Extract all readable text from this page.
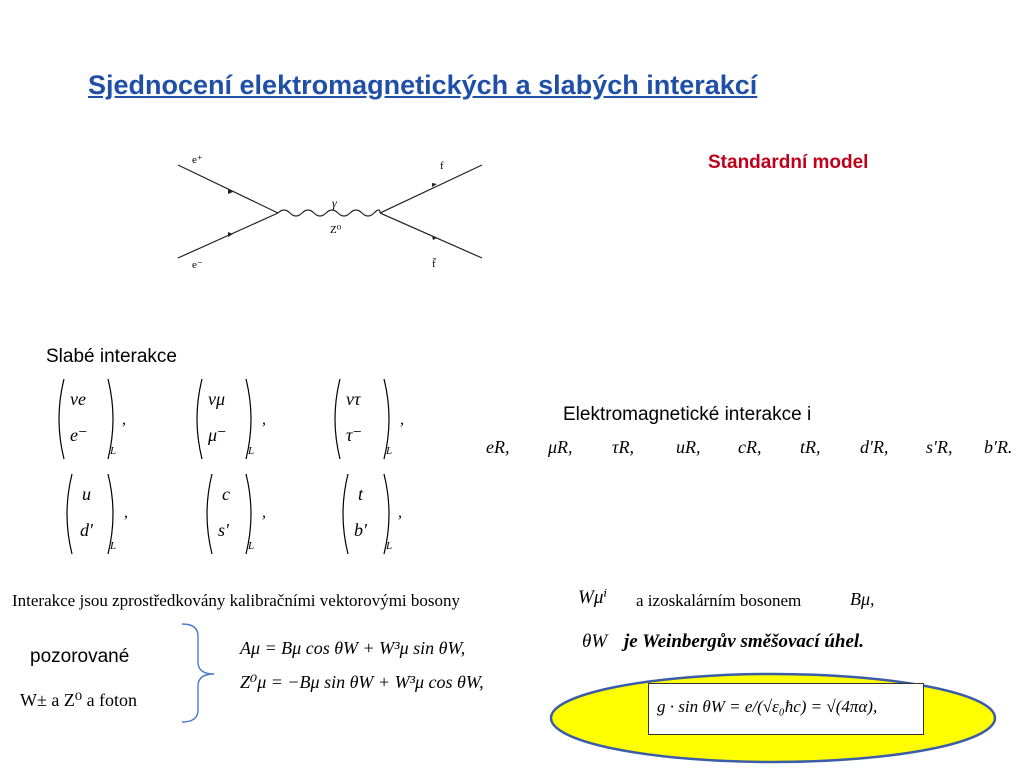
Sjednocení elektromagnetických a slabých interakcí
Standardní model
e⁺
e⁻
f
f̄
γ
Z⁰
Slabé interakce
νe
e⁻
L
,
νμ
μ⁻
L
,
ντ
τ⁻
L
,
u
d′
L
,
c
s′
L
,
t
b′
L
,
Elektromagnetické interakce i
eR, μR, τR, uR, cR, tR, d′R, s′R, b′R.
Interakce jsou zprostředkovány kalibračními vektorovými bosony	Wμⁱ a izoskalárním bosonem	Bμ,
θW je Weinbergův směšovací úhel.
pozorované
W± a Z⁰ a foton
Aμ = Bμ cos θW + W³μ sin θW,
Z⁰μ = −Bμ sin θW + W³μ cos θW,
g · sin θW = e/(√ε₀ħc) = √(4πα),
